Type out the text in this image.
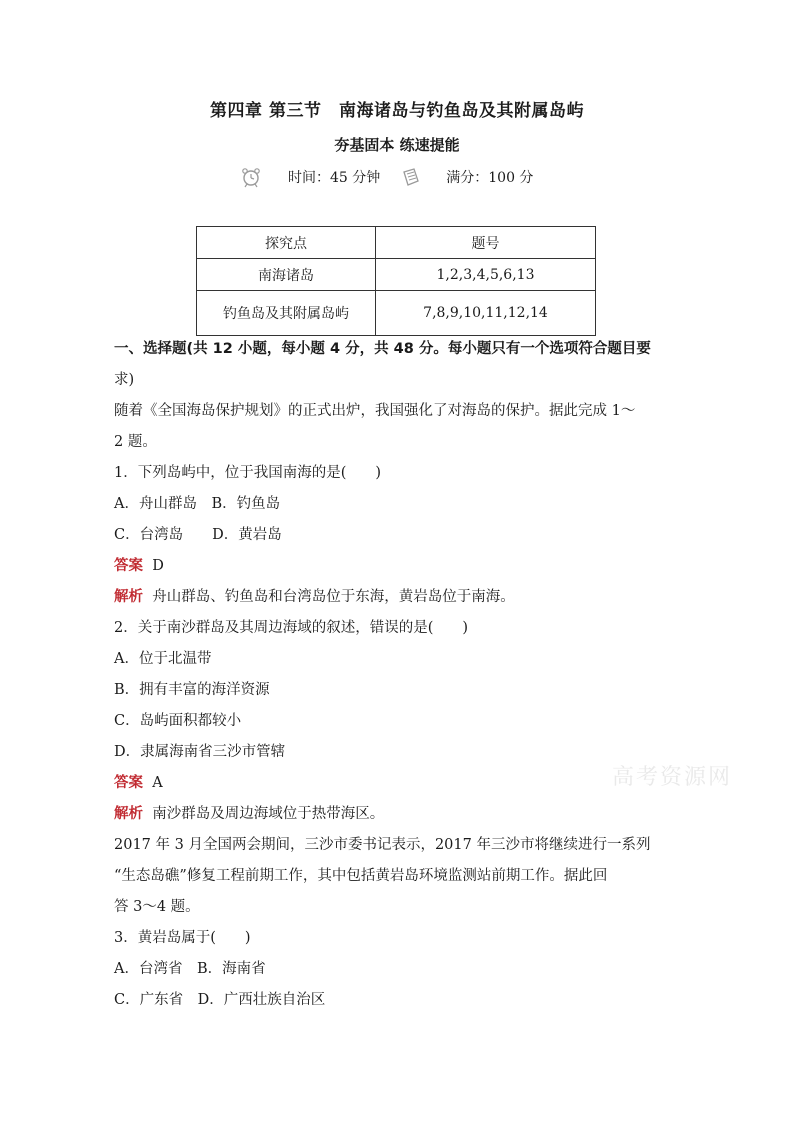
第四章 第三节　南海诸岛与钓鱼岛及其附属岛屿
夯基固本 练速提能
时间：45 分钟	满分：100 分
探究点	题号
南海诸岛	1,2,3,4,5,6,13
钓鱼岛及其附属岛屿	7,8,9,10,11,12,14
一、选择题(共 12 小题，每小题 4 分，共 48 分。每小题只有一个选项符合题目要
求)
随着《全国海岛保护规划》的正式出炉，我国强化了对海岛的保护。据此完成 1～
2 题。
1．下列岛屿中，位于我国南海的是(　　)
A．舟山群岛　B．钓鱼岛
C．台湾岛　　D．黄岩岛
答案 D
解析 舟山群岛、钓鱼岛和台湾岛位于东海，黄岩岛位于南海。
2．关于南沙群岛及其周边海域的叙述，错误的是(　　)
A．位于北温带
B．拥有丰富的海洋资源
C．岛屿面积都较小
D．隶属海南省三沙市管辖
答案 A
解析 南沙群岛及周边海域位于热带海区。
2017 年 3 月全国两会期间，三沙市委书记表示，2017 年三沙市将继续进行一系列
“生态岛礁”修复工程前期工作，其中包括黄岩岛环境监测站前期工作。据此回
答 3～4 题。
3．黄岩岛属于(　　)
A．台湾省　B．海南省
C．广东省　D．广西壮族自治区
高考资源网
